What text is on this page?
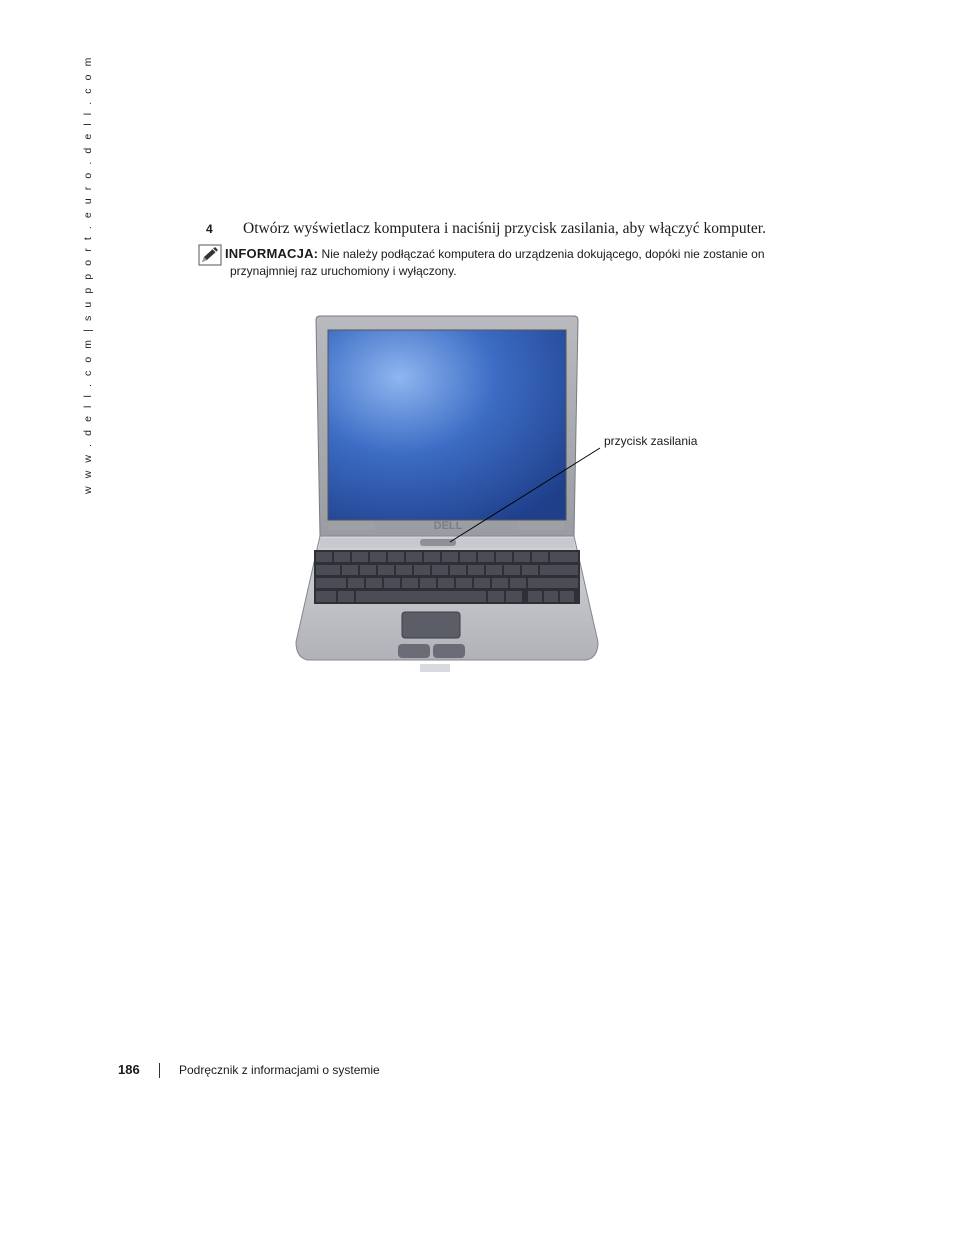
w w w . d e l l . c o m | s u p p o r t . e u r o . d e l l . c o m	4 Otwórz wyświetlacz komputera i naciśnij przycisk zasilania, aby włączyć komputer.
INFORMACJA: Nie należy podłączać komputera do urządzenia dokującego, dopóki nie zostanie on
przynajmniej raz uruchomiony i wyłączony.
DELL
przycisk zasilania
186	Podręcznik z informacjami o systemie
